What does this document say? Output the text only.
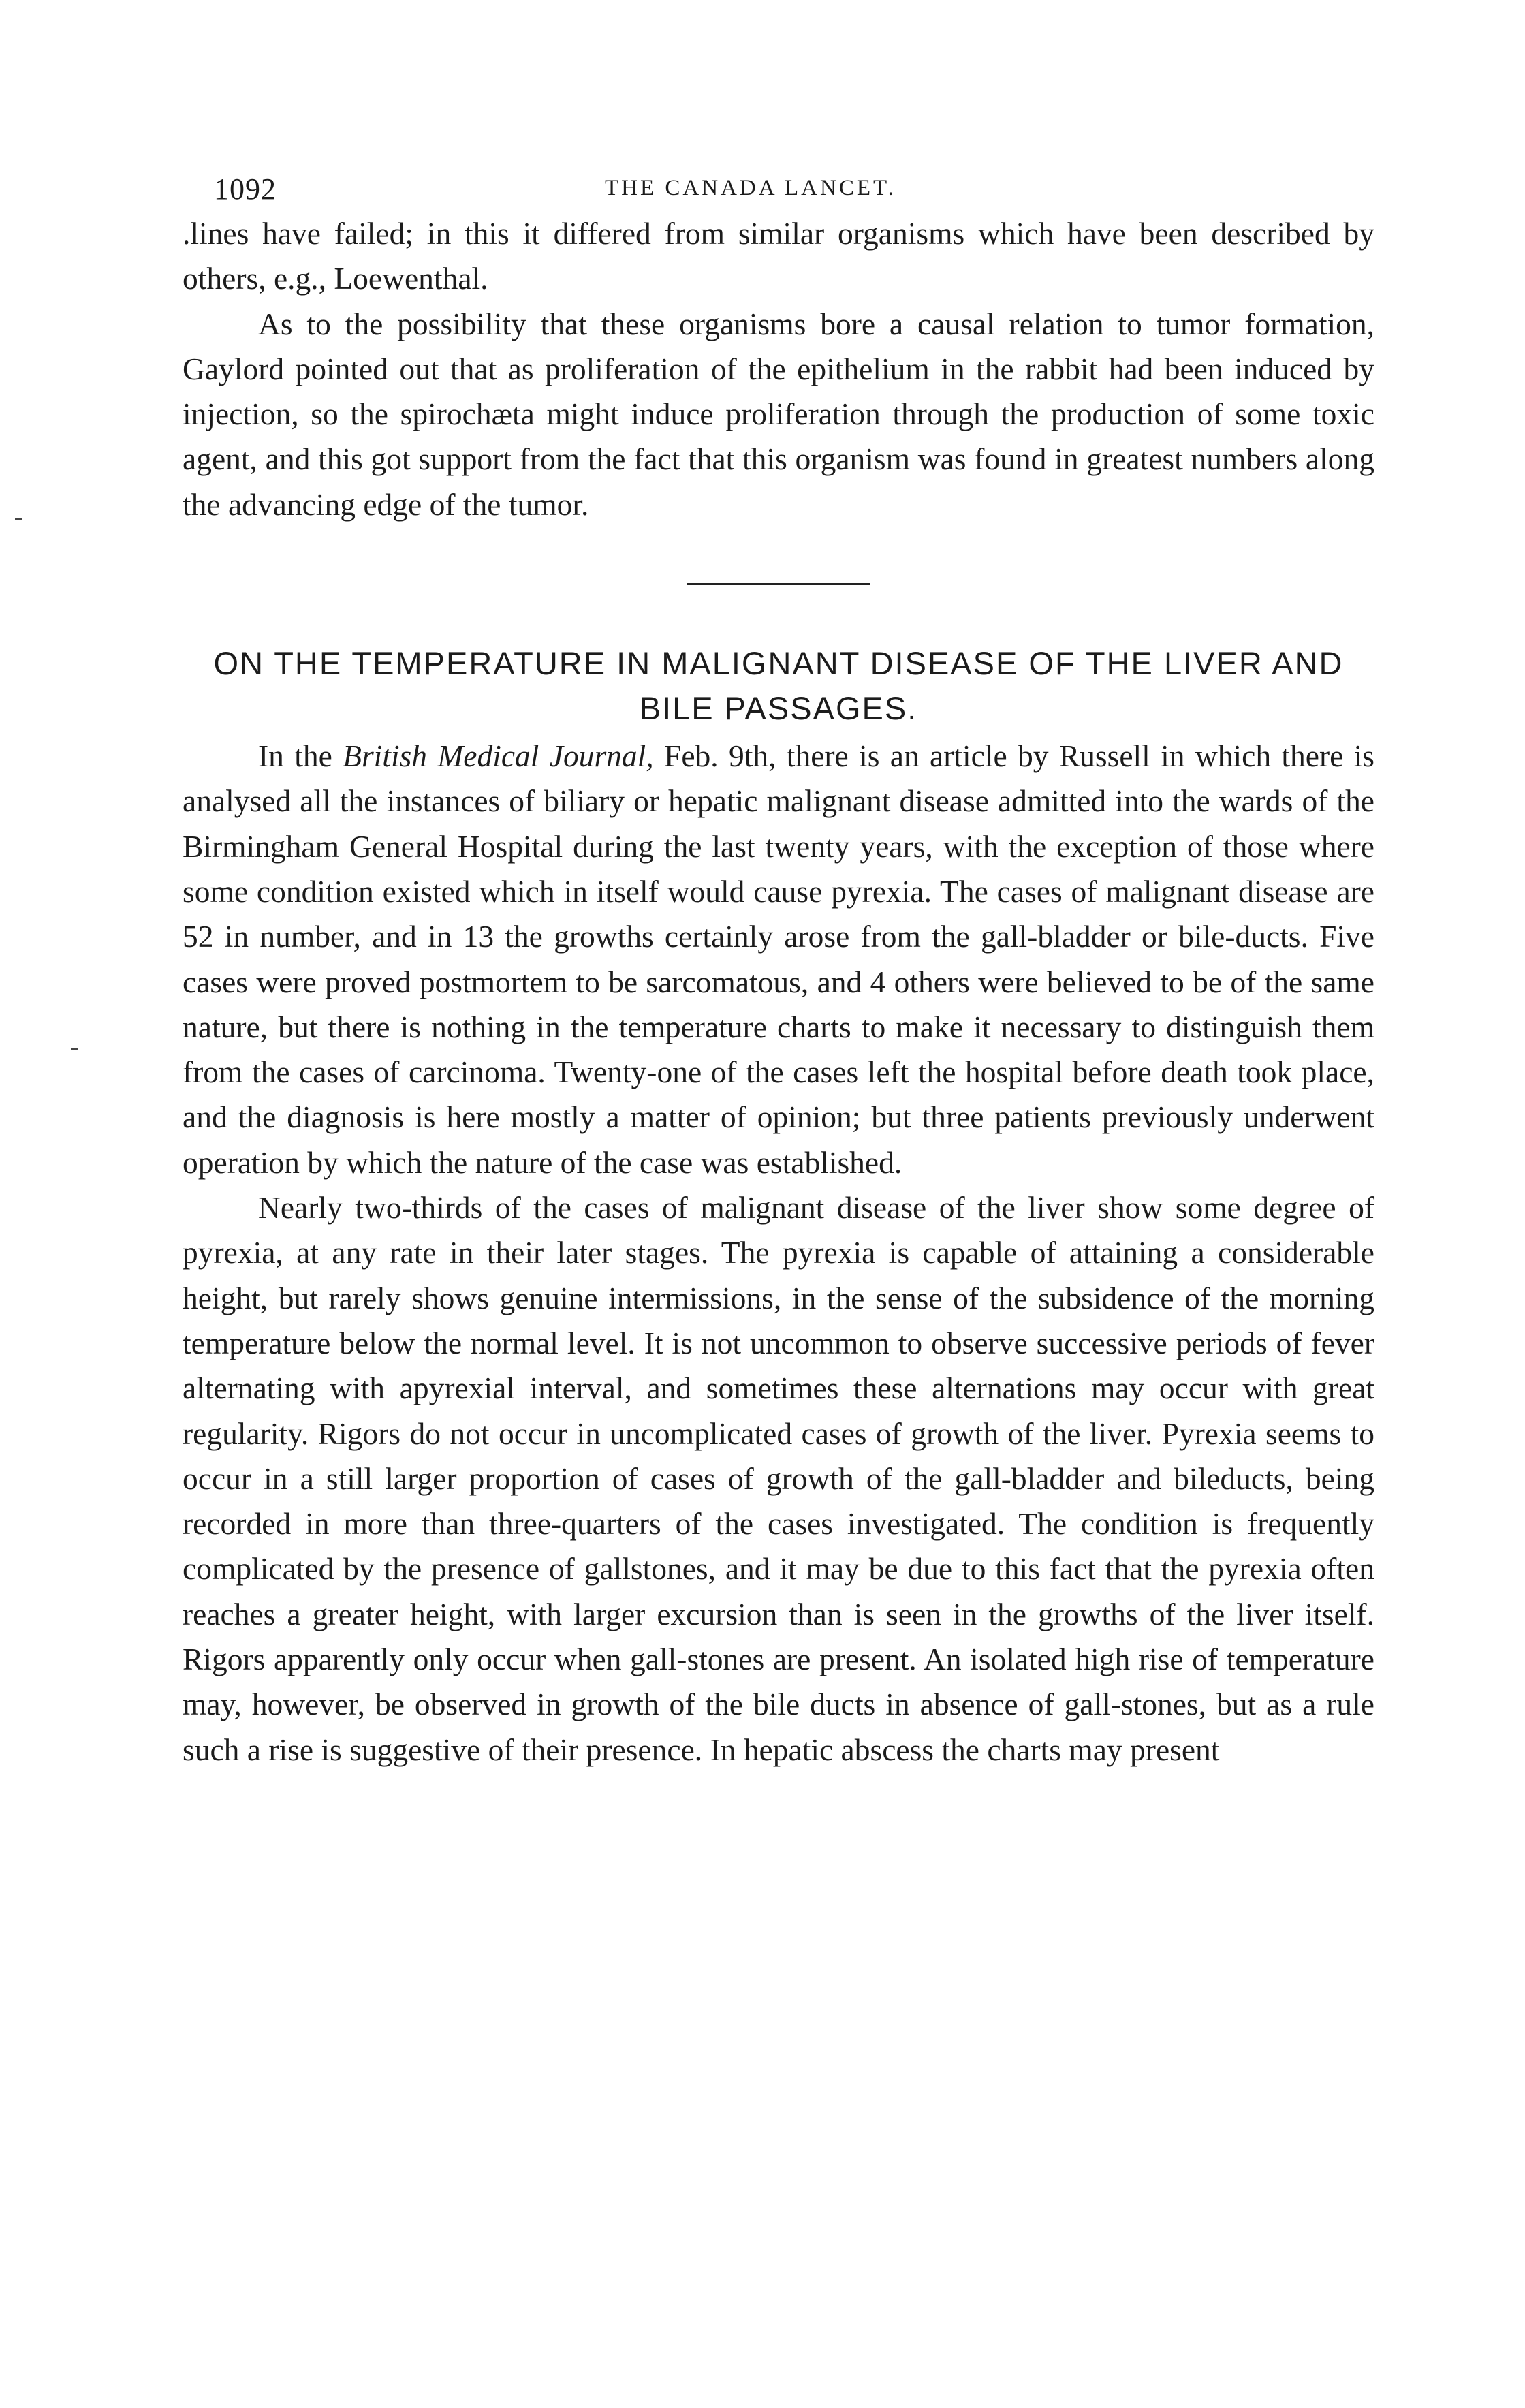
1092	THE CANADA LANCET.

.lines have failed; in this it differed from similar organisms which have been described by others, e.g., Loewenthal.

As to the possibility that these organisms bore a causal relation to tumor formation, Gaylord pointed out that as proliferation of the epithelium in the rabbit had been induced by injection, so the spirochæta might induce proliferation through the production of some toxic agent, and this got support from the fact that this organism was found in greatest numbers along the advancing edge of the tumor.

ON THE TEMPERATURE IN MALIGNANT DISEASE OF THE LIVER AND BILE PASSAGES.

In the British Medical Journal, Feb. 9th, there is an article by Russell in which there is analysed all the instances of biliary or hepatic malignant disease admitted into the wards of the Birmingham General Hospital during the last twenty years, with the exception of those where some condition existed which in itself would cause pyrexia. The cases of malignant disease are 52 in number, and in 13 the growths certainly arose from the gall-bladder or bile-ducts. Five cases were proved postmortem to be sarcomatous, and 4 others were believed to be of the same nature, but there is nothing in the temperature charts to make it necessary to distinguish them from the cases of carcinoma. Twenty-one of the cases left the hospital before death took place, and the diagnosis is here mostly a matter of opinion; but three patients previously underwent operation by which the nature of the case was established.

Nearly two-thirds of the cases of malignant disease of the liver show some degree of pyrexia, at any rate in their later stages. The pyrexia is capable of attaining a considerable height, but rarely shows genuine intermissions, in the sense of the subsidence of the morning temperature below the normal level. It is not uncommon to observe successive periods of fever alternating with apyrexial interval, and sometimes these alternations may occur with great regularity. Rigors do not occur in uncomplicated cases of growth of the liver. Pyrexia seems to occur in a still larger proportion of cases of growth of the gall-bladder and bileducts, being recorded in more than three-quarters of the cases investigated. The condition is frequently complicated by the presence of gallstones, and it may be due to this fact that the pyrexia often reaches a greater height, with larger excursion than is seen in the growths of the liver itself. Rigors apparently only occur when gall-stones are present. An isolated high rise of temperature may, however, be observed in growth of the bile ducts in absence of gall-stones, but as a rule such a rise is suggestive of their presence. In hepatic abscess the charts may present
